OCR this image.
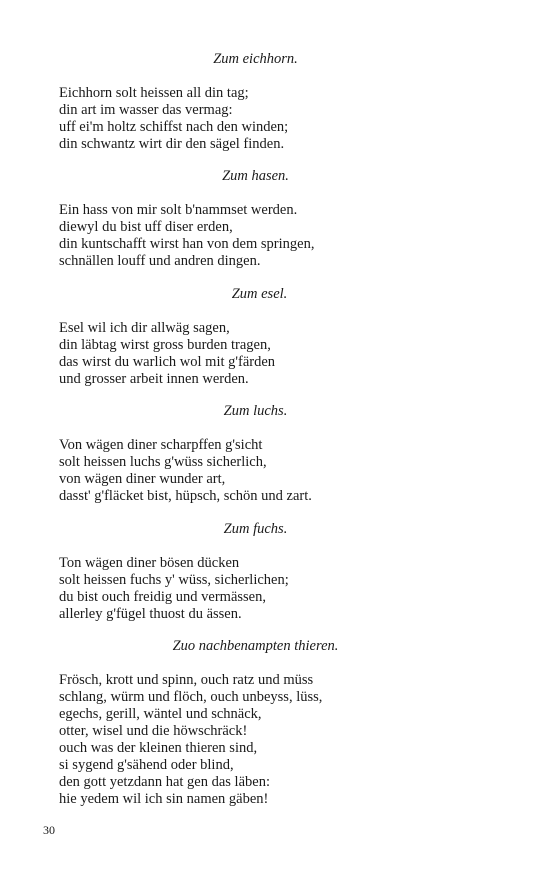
Zum eichhorn.
Eichhorn solt heissen all din tag;
din art im wasser das vermag:
uff ei'm holtz schiffst nach den winden;
din schwantz wirt dir den sägel finden.
Zum hasen.
Ein hass von mir solt b'nammset werden.
diewyl du bist uff diser erden,
din kuntschafft wirst han von dem springen,
schnällen louff und andren dingen.
Zum esel.
Esel wil ich dir allwäg sagen,
din läbtag wirst gross burden tragen,
das wirst du warlich wol mit g'färden
und grosser arbeit innen werden.
Zum luchs.
Von wägen diner scharpffen g'sicht
solt heissen luchs g'wüss sicherlich,
von wägen diner wunder art,
dasst' g'fläcket bist, hüpsch, schön und zart.
Zum fuchs.
Ton wägen diner bösen dücken
solt heissen fuchs y' wüss, sicherlichen;
du bist ouch freidig und vermässen,
allerley g'fügel thuost du ässen.
Zuo nachbenampten thieren.
Frösch, krott und spinn, ouch ratz und müss
schlang, würm und flöch, ouch unbeyss, lüss,
egechs, gerill, wäntel und schnäck,
otter, wisel und die höwschräck!
ouch was der kleinen thieren sind,
si sygend g'sähend oder blind,
den gott yetzdann hat gen das läben:
hie yedem wil ich sin namen gäben!
30
